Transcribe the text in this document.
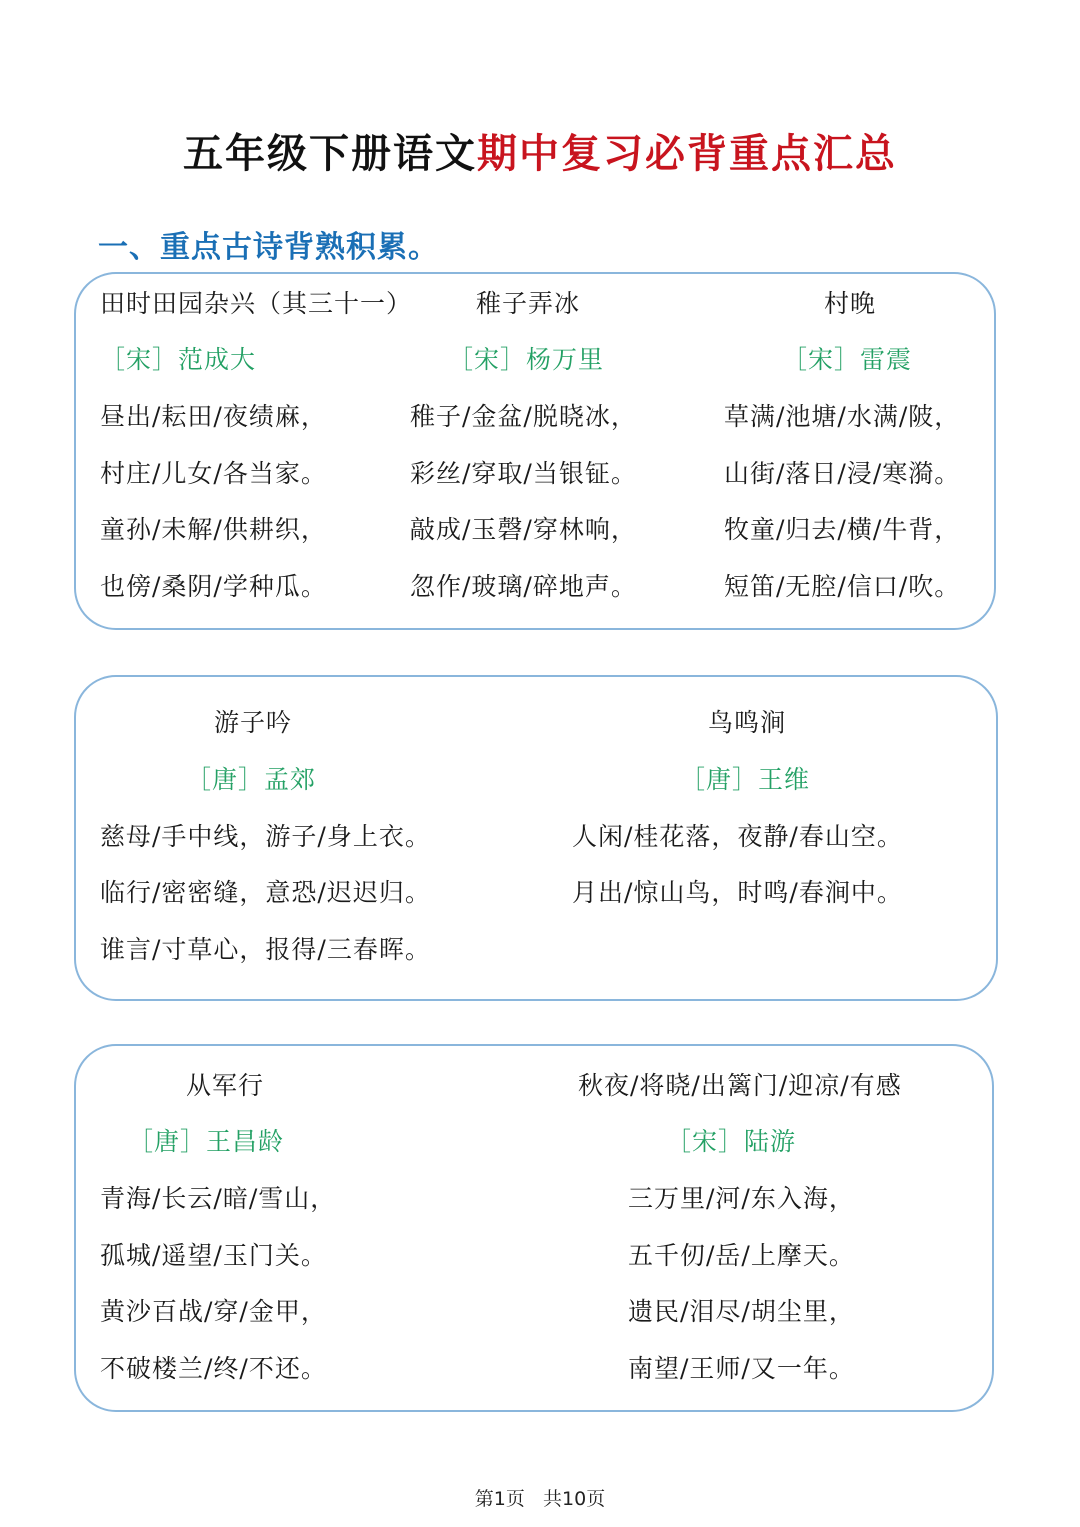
五年级下册语文期中复习必背重点汇总
一、重点古诗背熟积累。
田时田园杂兴（其三十一）
［宋］范成大
昼出/耘田/夜绩麻，
村庄/儿女/各当家。
童孙/未解/供耕织，
也傍/桑阴/学种瓜。
稚子弄冰
［宋］杨万里
稚子/金盆/脱晓冰，
彩丝/穿取/当银钲。
敲成/玉磬/穿林响，
忽作/玻璃/碎地声。
村晚
［宋］雷震
草满/池塘/水满/陂，
山街/落日/浸/寒漪。
牧童/归去/横/牛背，
短笛/无腔/信口/吹。
游子吟
［唐］孟郊
慈母/手中线，游子/身上衣。
临行/密密缝，意恐/迟迟归。
谁言/寸草心，报得/三春晖。
鸟鸣涧
［唐］王维
人闲/桂花落，夜静/春山空。
月出/惊山鸟，时鸣/春涧中。
从军行
［唐］王昌龄
青海/长云/暗/雪山，
孤城/遥望/玉门关。
黄沙百战/穿/金甲，
不破楼兰/终/不还。
秋夜/将晓/出篱门/迎凉/有感
［宋］陆游
三万里/河/东入海，
五千仞/岳/上摩天。
遗民/泪尽/胡尘里，
南望/王师/又一年。
第1页 共10页
